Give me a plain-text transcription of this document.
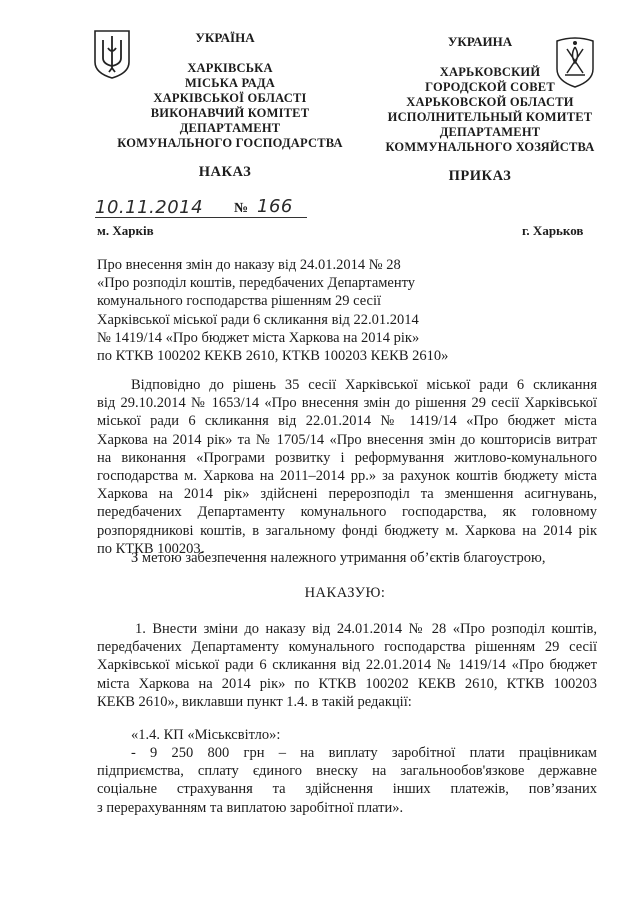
УКРАЇНА
ХАРКІВСЬКА
МІСЬКА РАДА
ХАРКІВСЬКОЇ ОБЛАСТІ
ВИКОНАВЧИЙ КОМІТЕТ
ДЕПАРТАМЕНТ
КОМУНАЛЬНОГО ГОСПОДАРСТВА
НАКАЗ
УКРАИНА
ХАРЬКОВСКИЙ
ГОРОДСКОЙ СОВЕТ
ХАРЬКОВСКОЙ ОБЛАСТИ
ИСПОЛНИТЕЛЬНЫЙ КОМИТЕТ
ДЕПАРТАМЕНТ
КОММУНАЛЬНОГО ХОЗЯЙСТВА
ПРИКАЗ
10.11.2014 № 166
м. Харків	г. Харьков
Про внесення змін до наказу від 24.01.2014 № 28
«Про розподіл коштів, передбачених Департаменту
комунального господарства рішенням 29 сесії
Харківської міської ради 6 скликання від 22.01.2014
№ 1419/14 «Про бюджет міста Харкова на 2014 рік»
по КТКВ 100202 КЕКВ 2610, КТКВ 100203 КЕКВ 2610»
Відповідно до рішень 35 сесії Харківської міської ради 6 скликання
від 29.10.2014 № 1653/14 «Про внесення змін до рішення 29 сесії Харківської
міської ради 6 скликання від 22.01.2014 № 1419/14 «Про бюджет міста
Харкова на 2014 рік» та № 1705/14 «Про внесення змін до кошторисів витрат
на виконання «Програми розвитку і реформування житлово-комунального
господарства м. Харкова на 2011–2014 рр.» за рахунок коштів бюджету міста
Харкова на 2014 рік» здійснені перерозподіл та зменшення асигнувань,
передбачених Департаменту комунального господарства, як головному
розпорядникові коштів, в загальному фонді бюджету м. Харкова на 2014 рік
по КТКВ 100203.
З метою забезпечення належного утримання об’єктів благоустрою,
НАКАЗУЮ:
1. Внести зміни до наказу від 24.01.2014 № 28 «Про розподіл коштів,
передбачених Департаменту комунального господарства рішенням 29 сесії
Харківської міської ради 6 скликання від 22.01.2014 № 1419/14 «Про бюджет
міста Харкова на 2014 рік» по КТКВ 100202 КЕКВ 2610, КТКВ 100203
КЕКВ 2610», виклавши пункт 1.4. в такій редакції:
«1.4. КП «Міськсвітло»:
- 9 250 800 грн – на виплату заробітної плати працівникам
підприємства, сплату єдиного внеску на загальнообов'язкове державне
соціальне страхування та здійснення інших платежів, пов’язаних
з перерахуванням та виплатою заробітної плати».
